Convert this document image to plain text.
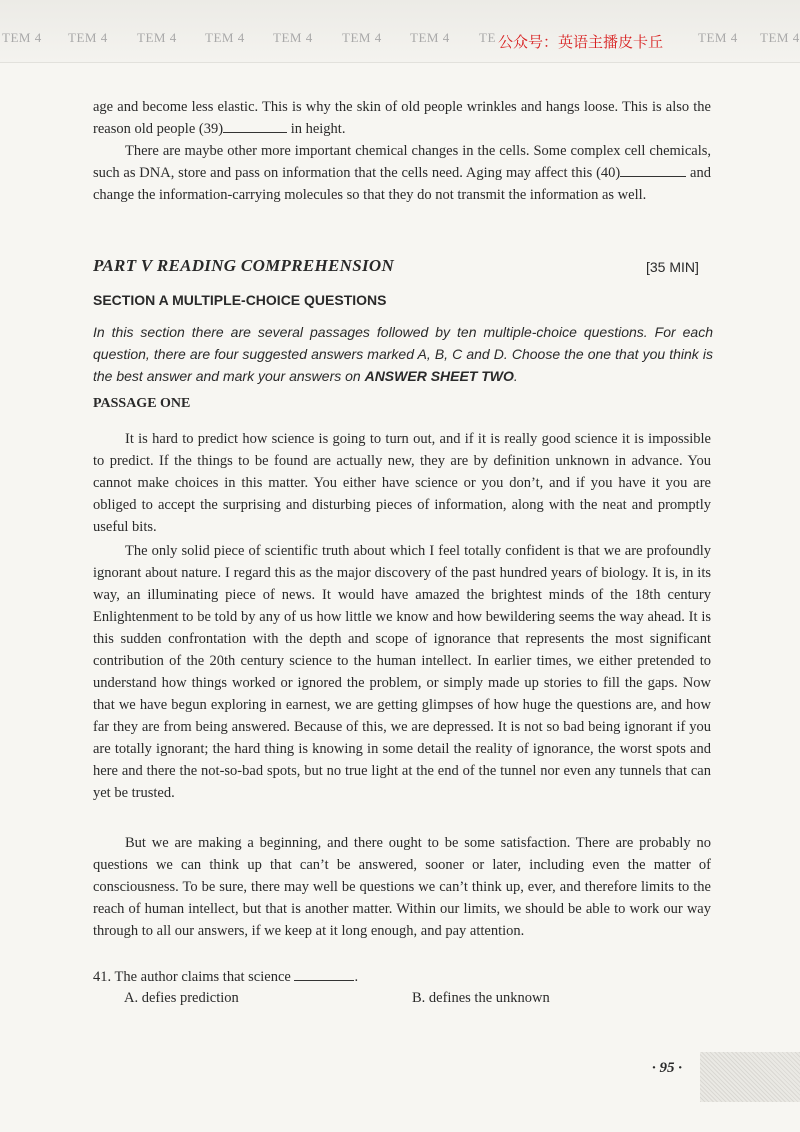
TEM 4 TEM 4 TEM 4 TEM 4 TEM 4 TEM 4 TEM 4 TE	TEM 4 TEM 4
公众号：英语主播皮卡丘

age and become less elastic. This is why the skin of old people wrinkles and hangs loose. This is also the reason old people (39)	in height.

There are maybe other more important chemical changes in the cells. Some complex cell chemicals, such as DNA, store and pass on information that the cells need. Aging may affect this (40)	and change the information-carrying molecules so that they do not transmit the information as well.

PART V READING COMPREHENSION	[35 MIN]
SECTION A MULTIPLE-CHOICE QUESTIONS

In this section there are several passages followed by ten multiple-choice questions. For each question, there are four suggested answers marked A, B, C and D. Choose the one that you think is the best answer and mark your answers on ANSWER SHEET TWO.

PASSAGE ONE

It is hard to predict how science is going to turn out, and if it is really good science it is impossible to predict. If the things to be found are actually new, they are by definition unknown in advance. You cannot make choices in this matter. You either have science or you don’t, and if you have it you are obliged to accept the surprising and disturbing pieces of information, along with the neat and promptly useful bits.

The only solid piece of scientific truth about which I feel totally confident is that we are profoundly ignorant about nature. I regard this as the major discovery of the past hundred years of biology. It is, in its way, an illuminating piece of news. It would have amazed the brightest minds of the 18th century Enlightenment to be told by any of us how little we know and how bewildering seems the way ahead. It is this sudden confrontation with the depth and scope of ignorance that represents the most significant contribution of the 20th century science to the human intellect. In earlier times, we either pretended to understand how things worked or ignored the problem, or simply made up stories to fill the gaps. Now that we have begun exploring in earnest, we are getting glimpses of how huge the questions are, and how far they are from being answered. Because of this, we are depressed. It is not so bad being ignorant if you are totally ignorant; the hard thing is knowing in some detail the reality of ignorance, the worst spots and here and there the not-so-bad spots, but no true light at the end of the tunnel nor even any tunnels that can yet be trusted.

But we are making a beginning, and there ought to be some satisfaction. There are probably no questions we can think up that can’t be answered, sooner or later, including even the matter of consciousness. To be sure, there may well be questions we can’t think up, ever, and therefore limits to the reach of human intellect, but that is another matter. Within our limits, we should be able to work our way through to all our answers, if we keep at it long enough, and pay attention.

41. The author claims that science	.
A. defies prediction	B. defines the unknown
· 95 ·
